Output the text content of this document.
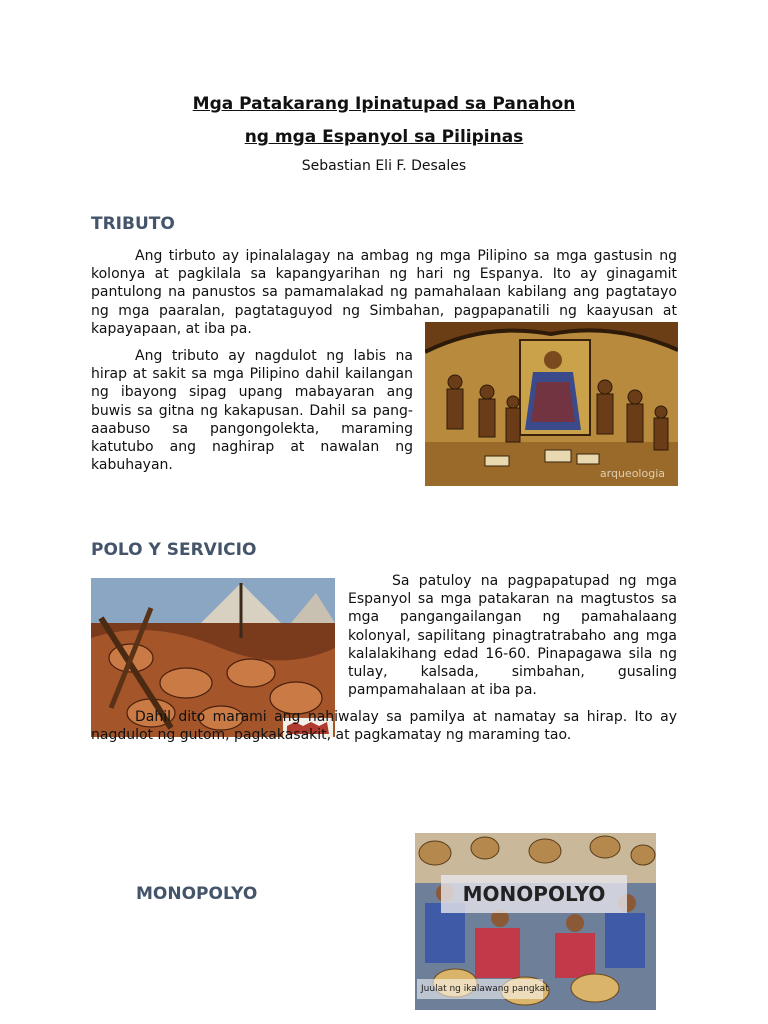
Mga Patakarang Ipinatupad sa Panahon
ng mga Espanyol sa Pilipinas
Sebastian Eli F. Desales
TRIBUTO
Ang tirbuto ay ipinalalagay na ambag ng mga Pilipino sa mga gastusin ng kolonya at pagkilala sa kapangyarihan ng hari ng Espanya. Ito ay ginagamit pantulong na panustos sa pamamalakad ng pamahalaan kabilang ang pagtatayo ng mga paaralan, pagtataguyod ng Simbahan, pagpapanatili ng kaayusan at kapayapaan, at iba pa.
Ang tributo ay nagdulot ng labis na hirap at sakit sa mga Pilipino dahil kailangan ng ibayong sipag upang mabayaran ang buwis sa gitna ng kakapusan. Dahil sa pang-aaabuso sa pangongolekta, maraming katutubo ang naghirap at nawalan ng kabuhayan.
arqueologia
POLO Y SERVICIO
Sa patuloy na pagpapatupad ng mga Espanyol sa mga patakaran na magtustos sa mga pangangailangan ng pamahalaang kolonyal, sapilitang pinagtratrabaho ang mga kalalakihang edad 16-60. Pinapagawa sila ng tulay, kalsada, simbahan, gusaling pampamahalaan at iba pa.
Dahil dito marami ang nahiwalay sa pamilya at namatay sa hirap. Ito ay nagdulot ng gutom, pagkakasakit, at pagkamatay ng maraming tao.
MONOPOLYO	MONOPOLYO
Juulat ng ikalawang pangkat
